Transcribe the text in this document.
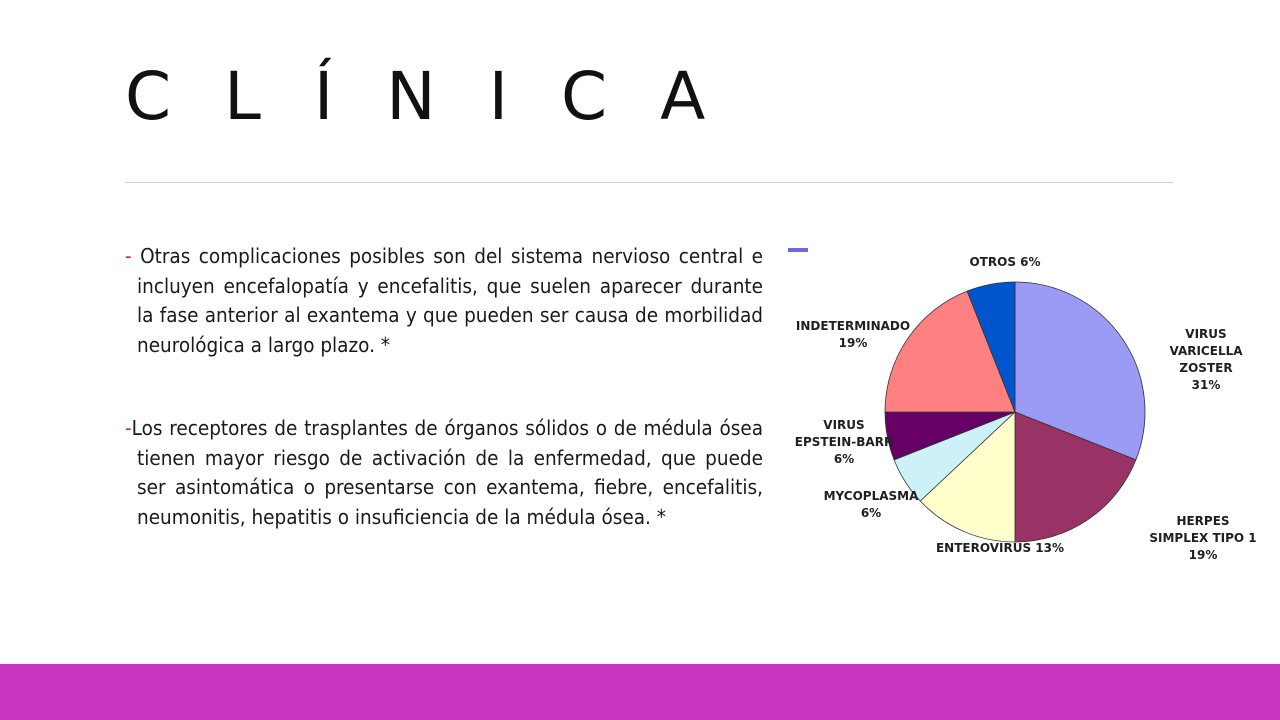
C L Í N I C A

- Otras complicaciones posibles son del sistema nervioso central e incluyen encefalopatía y encefalitis, que suelen aparecer durante la fase anterior al exantema y que pueden ser causa de morbilidad neurológica a largo plazo. *

-Los receptores de trasplantes de órganos sólidos o de médula ósea tienen mayor riesgo de activación de la enfermedad, que puede ser asintomática o presentarse con exantema, fiebre, encefalitis, neumonitis, hepatitis o insuficiencia de la médula ósea. *

VIRUS VARICELLA ZOSTER 31%
HERPES SIMPLEX TIPO 1 19%
ENTEROVIRUS 13%
MYCOPLASMA 6%
VIRUS EPSTEIN-BARR 6%
INDETERMINADO 19%
OTROS 6%
